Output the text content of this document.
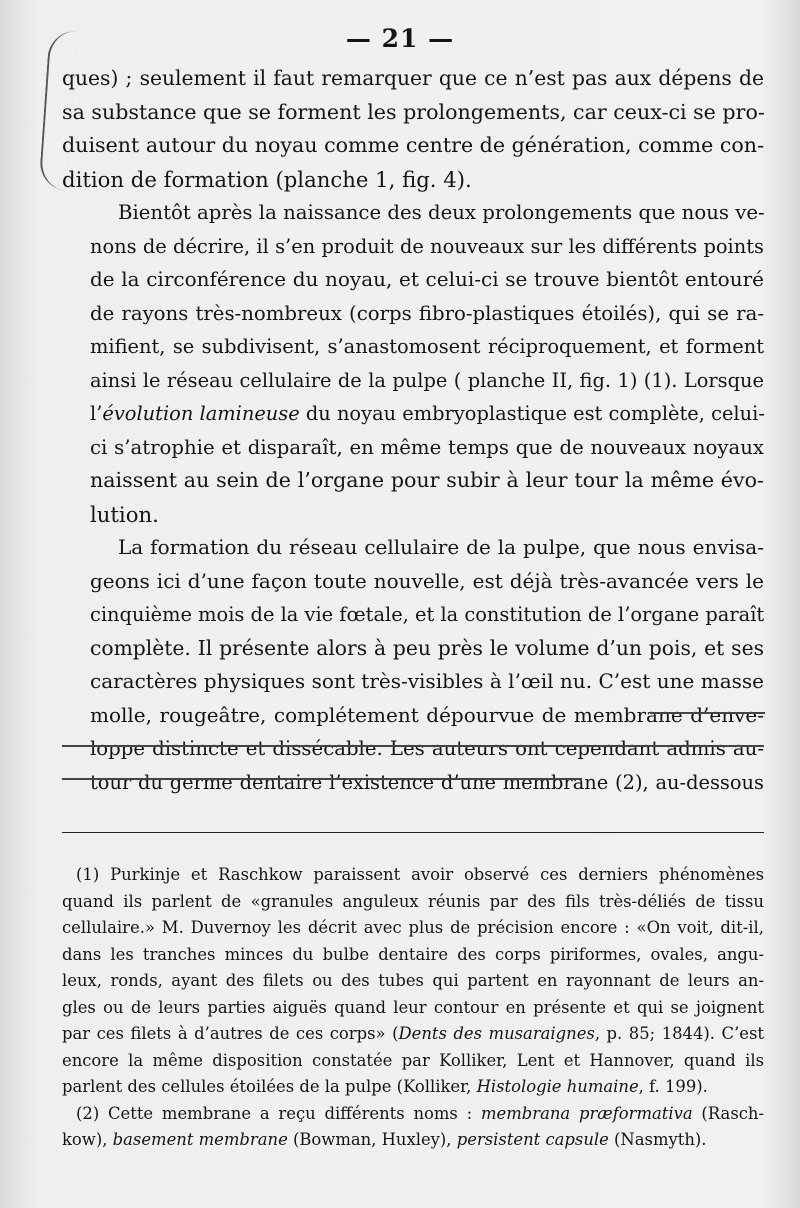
— 21 —

ques) ; seulement il faut remarquer que ce n’est pas aux dépens de
sa substance que se forment les prolongements, car ceux-ci se pro-
duisent autour du noyau comme centre de génération, comme con-
dition de formation (planche 1, fig. 4).

Bientôt après la naissance des deux prolongements que nous ve-
nons de décrire, il s’en produit de nouveaux sur les différents points
de la circonférence du noyau, et celui-ci se trouve bientôt entouré
de rayons très-nombreux (corps fibro-plastiques étoilés), qui se ra-
mifient, se subdivisent, s’anastomosent réciproquement, et forment
ainsi le réseau cellulaire de la pulpe ( planche II, fig. 1) (1). Lorsque
l’évolution lamineuse du noyau embryoplastique est complète, celui-
ci s’atrophie et disparaît, en même temps que de nouveaux noyaux
naissent au sein de l’organe pour subir à leur tour la même évo-
lution.

La formation du réseau cellulaire de la pulpe, que nous envisa-
geons ici d’une façon toute nouvelle, est déjà très-avancée vers le
cinquième mois de la vie fœtale, et la constitution de l’organe paraît
complète. Il présente alors à peu près le volume d’un pois, et ses
caractères physiques sont très-visibles à l’œil nu. C’est une masse
molle, rougeâtre, complétement dépourvue de membrane d’enve-
loppe distincte et dissécable. Les auteurs ont cependant admis au-
tour du germe dentaire l’existence d’une membrane (2), au-dessous

(1) Purkinje et Raschkow paraissent avoir observé ces derniers phénomènes
quand ils parlent de «granules anguleux réunis par des fils très-déliés de tissu
cellulaire.» M. Duvernoy les décrit avec plus de précision encore : «On voit, dit-il,
dans les tranches minces du bulbe dentaire des corps piriformes, ovales, angu-
leux, ronds, ayant des filets ou des tubes qui partent en rayonnant de leurs an-
gles ou de leurs parties aiguës quand leur contour en présente et qui se joignent
par ces filets à d’autres de ces corps» (Dents des musaraignes, p. 85; 1844). C’est
encore la même disposition constatée par Kolliker, Lent et Hannover, quand ils
parlent des cellules étoilées de la pulpe (Kolliker, Histologie humaine, f. 199).

(2) Cette membrane a reçu différents noms : membrana præformativa (Rasch-
kow), basement membrane (Bowman, Huxley), persistent capsule (Nasmyth).
